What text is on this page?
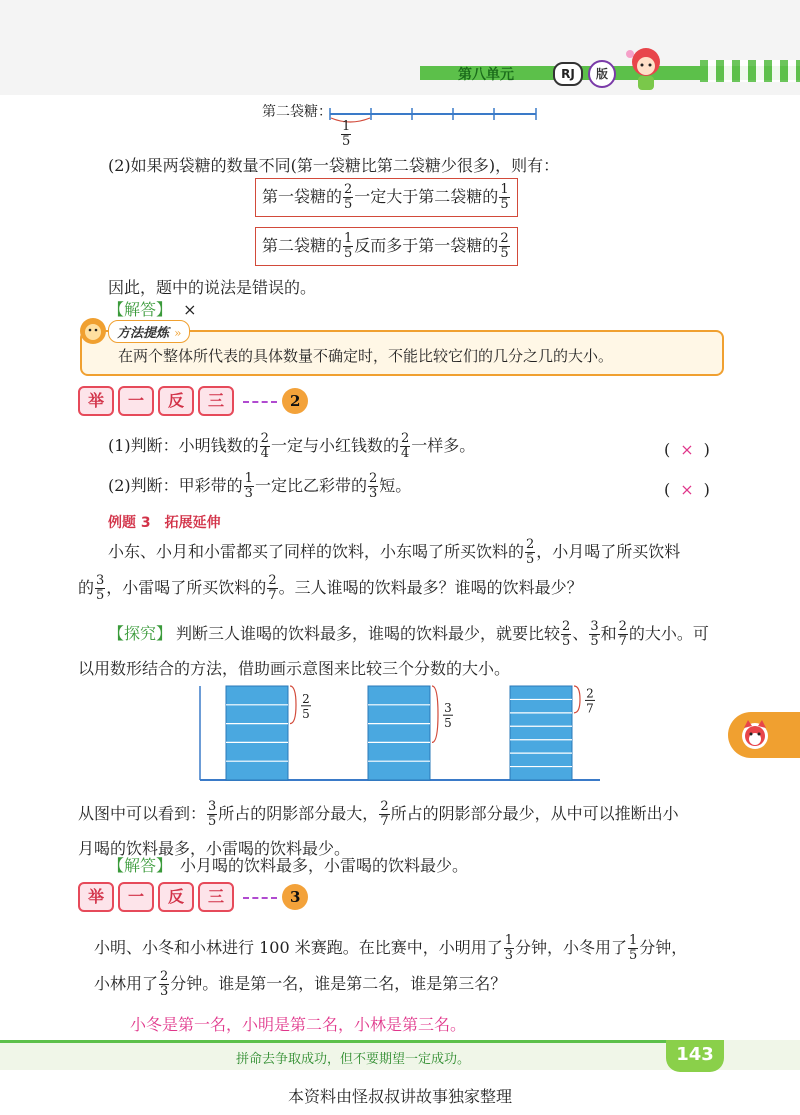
第八单元	RJ	版
第二袋糖：
$\frac{1}{5}$
(2)如果两袋糖的数量不同(第一袋糖比第二袋糖少很多)，则有：
第一袋糖的 $\frac{2}{5}$ 一定大于第二袋糖的 $\frac{1}{5}$
第二袋糖的 $\frac{1}{5}$ 反而多于第一袋糖的 $\frac{2}{5}$
因此，题中的说法是错误的。
【解答】 ×
方法提炼 »
在两个整体所代表的具体数量不确定时，不能比较它们的几分之几的大小。
举 一 反 三	2
(1)判断：小明钱数的 $\frac{2}{4}$ 一定与小红钱数的 $\frac{2}{4}$ 一样多。	( × )
(2)判断：甲彩带的 $\frac{1}{3}$ 一定比乙彩带的 $\frac{2}{3}$ 短。	( × )
例题 3 拓展延伸
小东、小月和小雷都买了同样的饮料，小东喝了所买饮料的 $\frac{2}{5}$ ，小月喝了所买饮料
的 $\frac{3}{5}$ ，小雷喝了所买饮料的 $\frac{2}{7}$ 。三人谁喝的饮料最多？谁喝的饮料最少？
【探究】 判断三人谁喝的饮料最多，谁喝的饮料最少，就要比较 $\frac{2}{5}$ 、 $\frac{3}{5}$ 和 $\frac{2}{7}$ 的大小。可
以用数形结合的方法，借助画示意图来比较三个分数的大小。
2
5	3
5
2
7
从图中可以看到： $\frac{3}{5}$ 所占的阴影部分最大， $\frac{2}{7}$ 所占的阴影部分最少，从中可以推断出小
月喝的饮料最多，小雷喝的饮料最少。
【解答】 小月喝的饮料最多，小雷喝的饮料最少。
举 一 反 三	3
小明、小冬和小林进行 100 米赛跑。在比赛中，小明用了 $\frac{1}{3}$ 分钟，小冬用了 $\frac{1}{5}$ 分钟，
小林用了 $\frac{2}{3}$ 分钟。谁是第一名，谁是第二名，谁是第三名？
小冬是第一名，小明是第二名，小林是第三名。
拼命去争取成功，但不要期望一定成功。	143
本资料由怪叔叔讲故事独家整理
